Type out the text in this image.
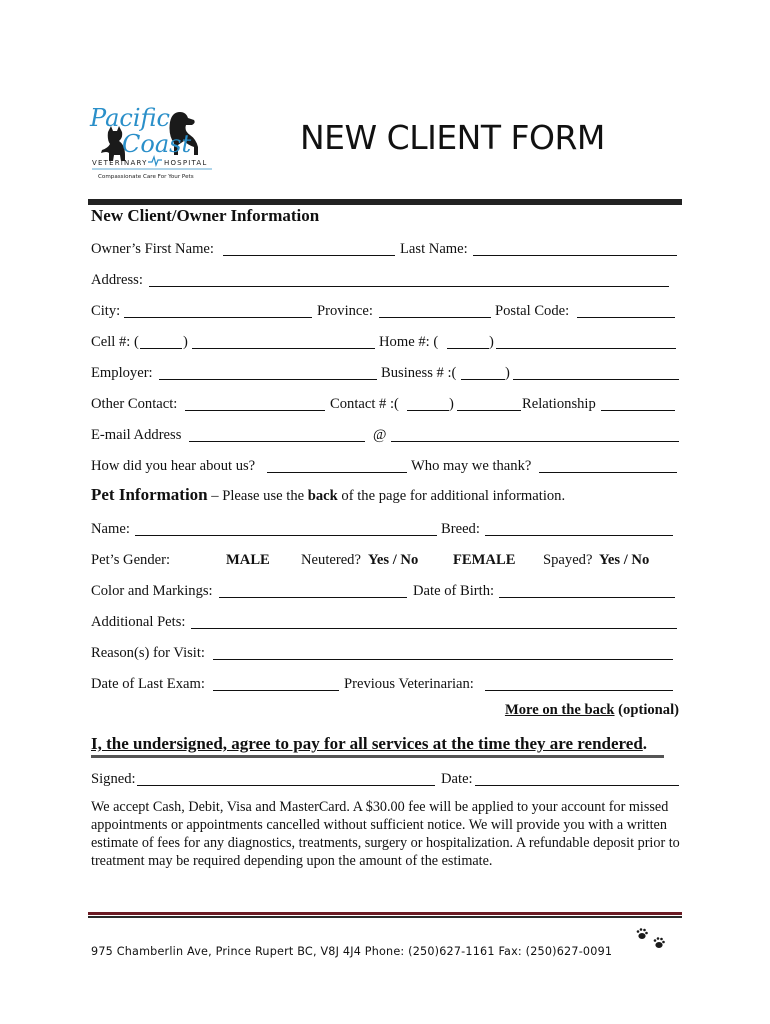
Pacific
Coast
VETERINARY HOSPITAL
Compassionate Care For Your Pets
NEW CLIENT FORM
New Client/Owner Information
Owner’s First Name:	Last Name:
Address:
City:	Province:	Postal Code:
Cell #: (	)	Home #: (	)
Employer:	Business # :(	)
Other Contact:	Contact # :(	)	Relationship
E-mail Address	@
How did you hear about us?	Who may we thank?
Pet Information – Please use the back of the page for additional information.
Name:	Breed:
Pet’s Gender:	MALE Neutered? Yes / No FEMALE Spayed? Yes / No
Color and Markings:	Date of Birth:
Additional Pets:
Reason(s) for Visit:
Date of Last Exam:	Previous Veterinarian:
More on the back (optional)
I, the undersigned, agree to pay for all services at the time they are rendered.
Signed:	Date:
We accept Cash, Debit, Visa and MasterCard. A $30.00 fee will be applied to your account for missed appointments or appointments cancelled without sufficient notice. We will provide you with a written estimate of fees for any diagnostics, treatments, surgery or hospitalization. A refundable deposit prior to treatment may be required depending upon the amount of the estimate.
975 Chamberlin Ave, Prince Rupert BC, V8J 4J4 Phone: (250)627-1161 Fax: (250)627-0091
